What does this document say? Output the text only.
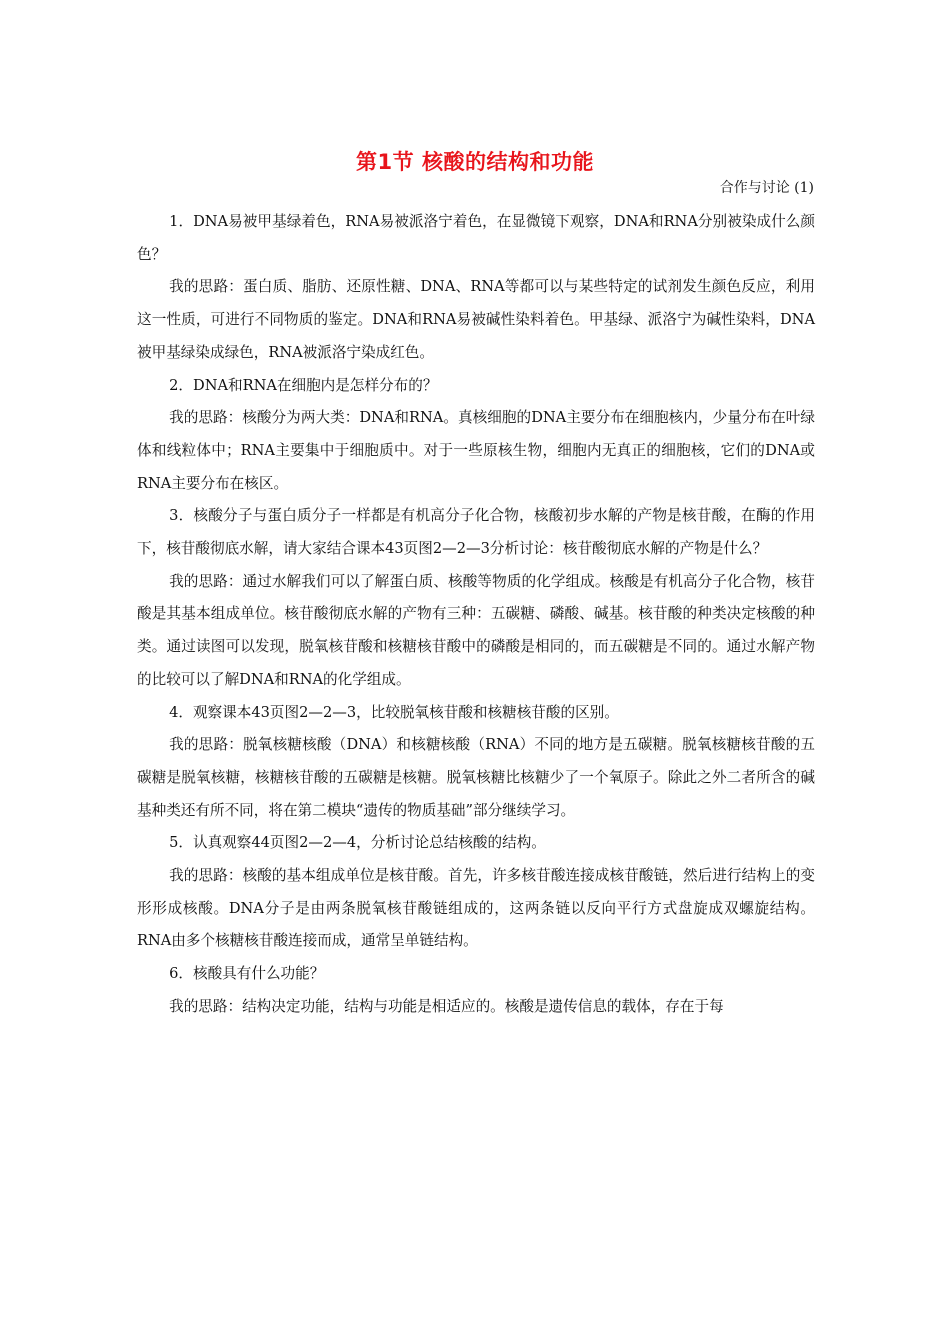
第1节 核酸的结构和功能
合作与讨论 (1)

1．DNA易被甲基绿着色，RNA易被派洛宁着色，在显微镜下观察，DNA和RNA分别被染成什么颜色？

我的思路：蛋白质、脂肪、还原性糖、DNA、RNA等都可以与某些特定的试剂发生颜色反应，利用这一性质，可进行不同物质的鉴定。DNA和RNA易被碱性染料着色。甲基绿、派洛宁为碱性染料，DNA被甲基绿染成绿色，RNA被派洛宁染成红色。

2．DNA和RNA在细胞内是怎样分布的？

我的思路：核酸分为两大类：DNA和RNA。真核细胞的DNA主要分布在细胞核内，少量分布在叶绿体和线粒体中；RNA主要集中于细胞质中。对于一些原核生物，细胞内无真正的细胞核，它们的DNA或RNA主要分布在核区。

3．核酸分子与蛋白质分子一样都是有机高分子化合物，核酸初步水解的产物是核苷酸，在酶的作用下，核苷酸彻底水解，请大家结合课本43页图2—2—3分析讨论：核苷酸彻底水解的产物是什么？

我的思路：通过水解我们可以了解蛋白质、核酸等物质的化学组成。核酸是有机高分子化合物，核苷酸是其基本组成单位。核苷酸彻底水解的产物有三种：五碳糖、磷酸、碱基。核苷酸的种类决定核酸的种类。通过读图可以发现，脱氧核苷酸和核糖核苷酸中的磷酸是相同的，而五碳糖是不同的。通过水解产物的比较可以了解DNA和RNA的化学组成。

4．观察课本43页图2—2—3，比较脱氧核苷酸和核糖核苷酸的区别。

我的思路：脱氧核糖核酸（DNA）和核糖核酸（RNA）不同的地方是五碳糖。脱氧核糖核苷酸的五碳糖是脱氧核糖，核糖核苷酸的五碳糖是核糖。脱氧核糖比核糖少了一个氧原子。除此之外二者所含的碱基种类还有所不同，将在第二模块“遗传的物质基础”部分继续学习。

5．认真观察44页图2—2—4，分析讨论总结核酸的结构。

我的思路：核酸的基本组成单位是核苷酸。首先，许多核苷酸连接成核苷酸链，然后进行结构上的变形形成核酸。DNA分子是由两条脱氧核苷酸链组成的，这两条链以反向平行方式盘旋成双螺旋结构。RNA由多个核糖核苷酸连接而成，通常呈单链结构。

6．核酸具有什么功能？

我的思路：结构决定功能，结构与功能是相适应的。核酸是遗传信息的载体，存在于每
